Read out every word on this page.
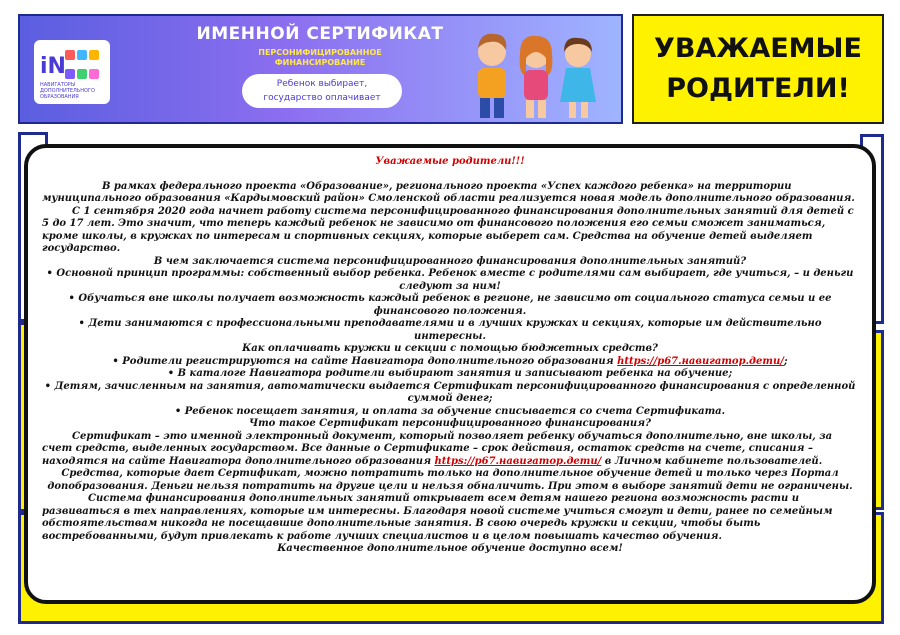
iN
НАВИГАТОРЫ
ДОПОЛНИТЕЛЬНОГО
ОБРАЗОВАНИЯ
ИМЕННОЙ СЕРТИФИКАТ
ПЕРСОНИФИЦИРОВАННОЕ
ФИНАНСИРОВАНИЕ
Ребенок выбирает,
государство оплачивает
УВАЖАЕМЫЕ
РОДИТЕЛИ!

Уважаемые родители!!!

В рамках федерального проекта «Образование», регионального проекта «Успех каждого ребенка» на территории муниципального образования «Кардымовский район» Смоленской области реализуется новая модель дополнительного образования.

С 1 сентября 2020 года начнет работу система персонифицированного финансирования дополнительных занятий для детей с 5 до 17 лет. Это значит, что теперь каждый ребенок не зависимо от финансового положения его семьи сможет заниматься, кроме школы, в кружках по интересам и спортивных секциях, которые выберет сам. Средства на обучение детей выделяет государство.

В чем заключается система персонифицированного финансирования дополнительных занятий?

• Основной принцип программы: собственный выбор ребенка. Ребенок вместе с родителями сам выбирает, где учиться, – и деньги следуют за ним!

• Обучаться вне школы получает возможность каждый ребенок в регионе, не зависимо от социального статуса семьи и ее финансового положения.

• Дети занимаются с профессиональными преподавателями и в лучших кружках и секциях, которые им действительно интересны.

Как оплачивать кружки и секции с помощью бюджетных средств?

• Родители регистрируются на сайте Навигатора дополнительного образования https://р67.навигатор.дети/;

• В каталоге Навигатора родители выбирают занятия и записывают ребенка на обучение;

• Детям, зачисленным на занятия, автоматически выдается Сертификат персонифицированного финансирования с определенной суммой денег;

• Ребенок посещает занятия, и оплата за обучение списывается со счета Сертификата.

Что такое Сертификат персонифицированного финансирования?

Сертификат – это именной электронный документ, который позволяет ребенку обучаться дополнительно, вне школы, за счет средств, выделенных государством. Все данные о Сертификате – срок действия, остаток средств на счете, списания – находятся на сайте Навигатора дополнительного образования https://р67.навигатор.дети/ в Личном кабинете пользователей.

Средства, которые дает Сертификат, можно потратить только на дополнительное обучение детей и только через Портал допобразования. Деньги нельзя потратить на другие цели и нельзя обналичить. При этом в выборе занятий дети не ограничены.

Система финансирования дополнительных занятий открывает всем детям нашего региона возможность расти и развиваться в тех направлениях, которые им интересны. Благодаря новой системе учиться смогут и дети, ранее по семейным обстоятельствам никогда не посещавшие дополнительные занятия. В свою очередь кружки и секции, чтобы быть востребованными, будут привлекать к работе лучших специалистов и в целом повышать качество обучения.

Качественное дополнительное обучение доступно всем!
